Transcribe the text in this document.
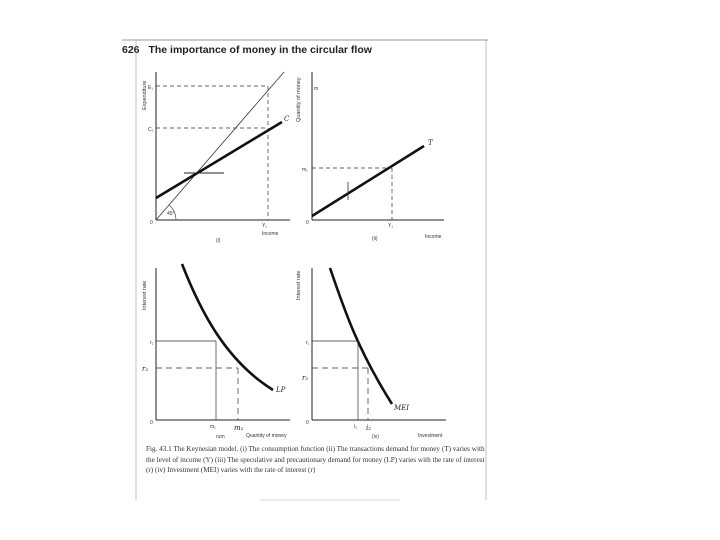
626 The importance of money in the circular flow
45°
0
E₁
C₁
C
Y₁
Income
(i)
Expenditure
0
m₁
m
T
Y₁
Income
(ii)
Quantity of money
0
r₁
r₂
LP
m₁	m₂
Quantity of money
rum
Interest rate
0
r₁
r₂
MEI
i₁ i₂
Investment
(iv)
Interest rate
Fig. 43.1 The Keynesian model. (i) The consumption function (ii) The transactions demand for money (T) varies with the level of income (Y) (iii) The speculative and precautionary demand for money (LP) varies with the rate of interest (r) (iv) Investment (MEI) varies with the rate of interest (r)
